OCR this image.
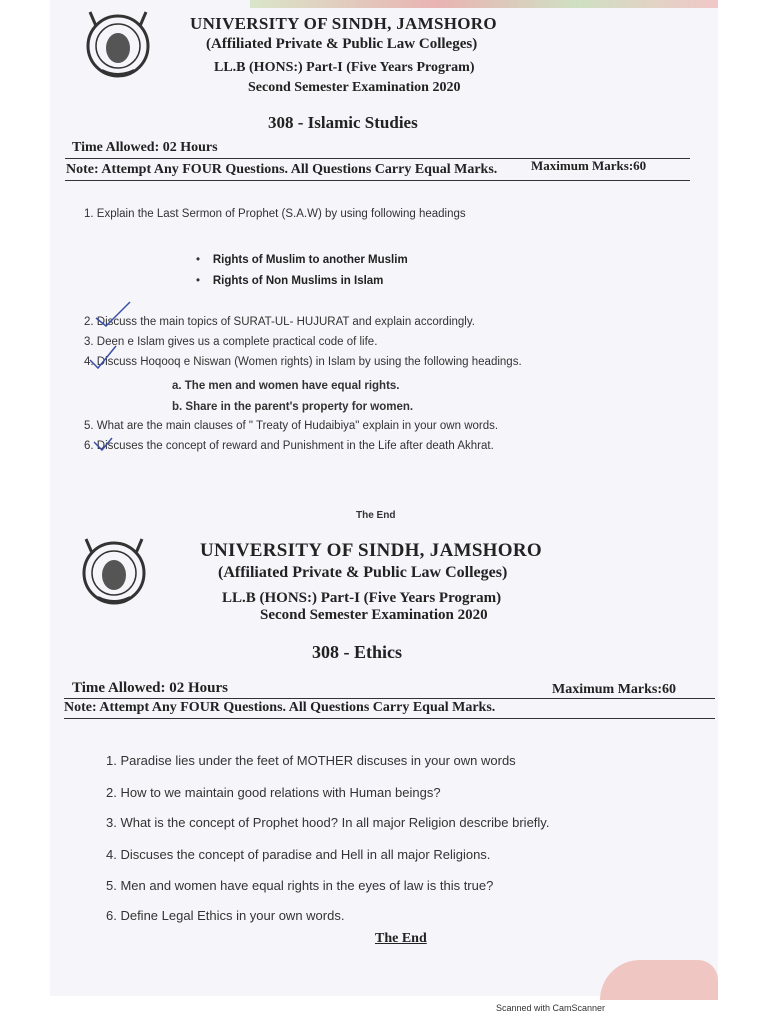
UNIVERSITY OF SINDH, JAMSHORO
(Affiliated Private & Public Law Colleges)
LL.B (HONS:) Part-I (Five Years Program)
Second Semester Examination 2020
308 - Islamic Studies
Time Allowed: 02 Hours
Maximum Marks:60
Note: Attempt Any FOUR Questions. All Questions Carry Equal Marks.
1. Explain the Last Sermon of Prophet (S.A.W) by using following headings
•    Rights of Muslim to another Muslim
•    Rights of Non Muslims in Islam
2. Discuss the main topics of SURAT-UL- HUJURAT and explain accordingly.
3. Deen e Islam gives us a complete practical code of life.
4. Discuss Hoqooq e Niswan (Women rights) in Islam by using the following headings.
a. The men and women have equal rights.
b. Share in the parent's property for women.
5. What are the main clauses of " Treaty of Hudaibiya" explain in your own words.
6. Discuses the concept of reward and Punishment in the Life after death Akhrat.
The End
UNIVERSITY OF SINDH, JAMSHORO
(Affiliated Private & Public Law Colleges)
LL.B (HONS:) Part-I (Five Years Program)
Second Semester Examination 2020
308 - Ethics
Time Allowed: 02 Hours	Maximum Marks:60
Note: Attempt Any FOUR Questions. All Questions Carry Equal Marks.
1. Paradise lies under the feet of MOTHER discuses in your own words
2. How to we maintain good relations with Human beings?
3. What is the concept of Prophet hood? In all major Religion describe briefly.
4. Discuses the concept of paradise and Hell in all major Religions.
5. Men and women have equal rights in the eyes of law is this true?
6. Define Legal Ethics in your own words.
The End
Scanned with CamScanner
